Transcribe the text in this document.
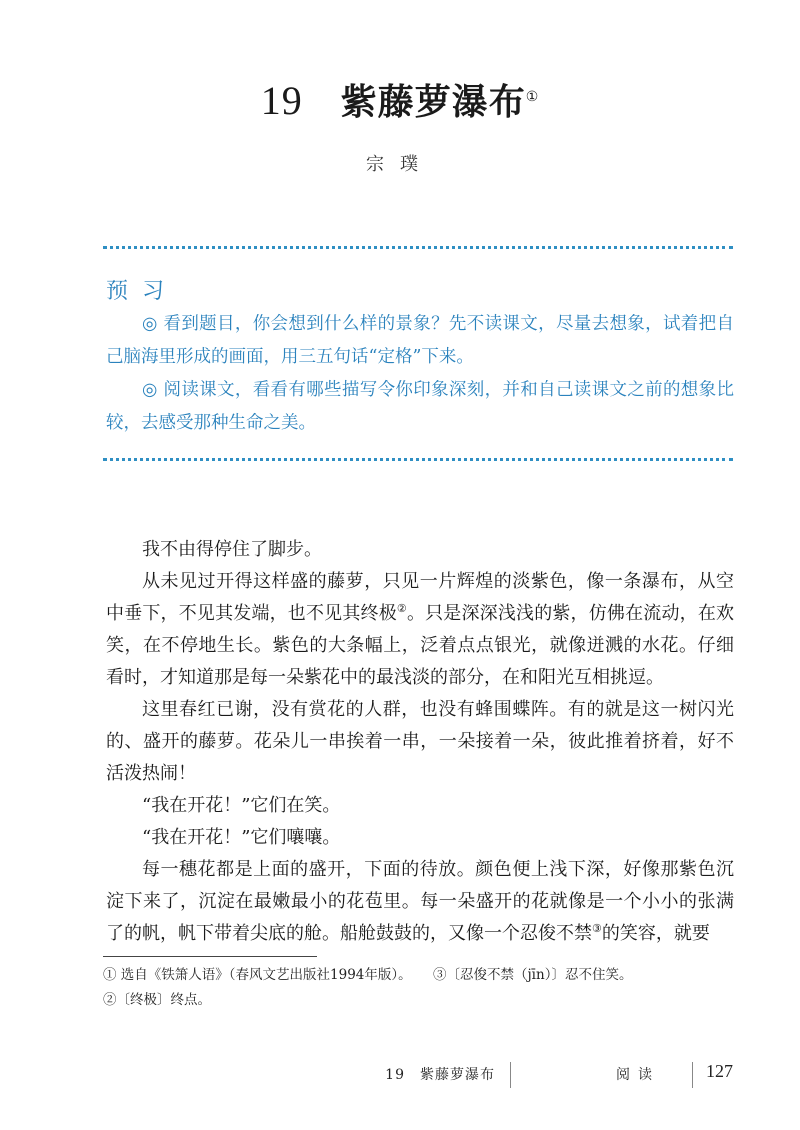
19 紫藤萝瀑布①
宗璞
预习

◎ 看到题目，你会想到什么样的景象？先不读课文，尽量去想象，试着把自己脑海里形成的画面，用三五句话“定格”下来。

◎ 阅读课文，看看有哪些描写令你印象深刻，并和自己读课文之前的想象比较，去感受那种生命之美。

我不由得停住了脚步。

从未见过开得这样盛的藤萝，只见一片辉煌的淡紫色，像一条瀑布，从空中垂下，不见其发端，也不见其终极②。只是深深浅浅的紫，仿佛在流动，在欢笑，在不停地生长。紫色的大条幅上，泛着点点银光，就像迸溅的水花。仔细看时，才知道那是每一朵紫花中的最浅淡的部分，在和阳光互相挑逗。

这里春红已谢，没有赏花的人群，也没有蜂围蝶阵。有的就是这一树闪光的、盛开的藤萝。花朵儿一串挨着一串，一朵接着一朵，彼此推着挤着，好不活泼热闹！

“我在开花！”它们在笑。

“我在开花！”它们嚷嚷。

每一穗花都是上面的盛开，下面的待放。颜色便上浅下深，好像那紫色沉淀下来了，沉淀在最嫩最小的花苞里。每一朵盛开的花就像是一个小小的张满了的帆，帆下带着尖底的舱。船舱鼓鼓的，又像一个忍俊不禁③的笑容，就要

① 选自《铁箫人语》（春风文艺出版社1994年版）。 ③〔忍俊不禁（jīn）〕忍不住笑。
②〔终极〕终点。
19　紫藤萝瀑布	阅读	127
